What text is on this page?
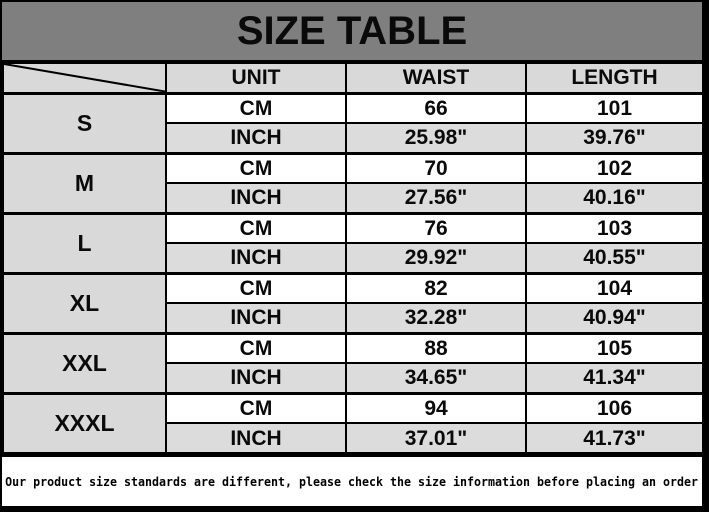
SIZE TABLE
	UNIT	WAIST	LENGTH
S	CM	66	101
	INCH	25.98"	39.76"
M	CM	70	102
	INCH	27.56"	40.16"
L	CM	76	103
	INCH	29.92"	40.55"
XL	CM	82	104
	INCH	32.28"	40.94"
XXL	CM	88	105
	INCH	34.65"	41.34"
XXXL	CM	94	106
	INCH	37.01"	41.73"
Our product size standards are different, please check the size information before placing an order
